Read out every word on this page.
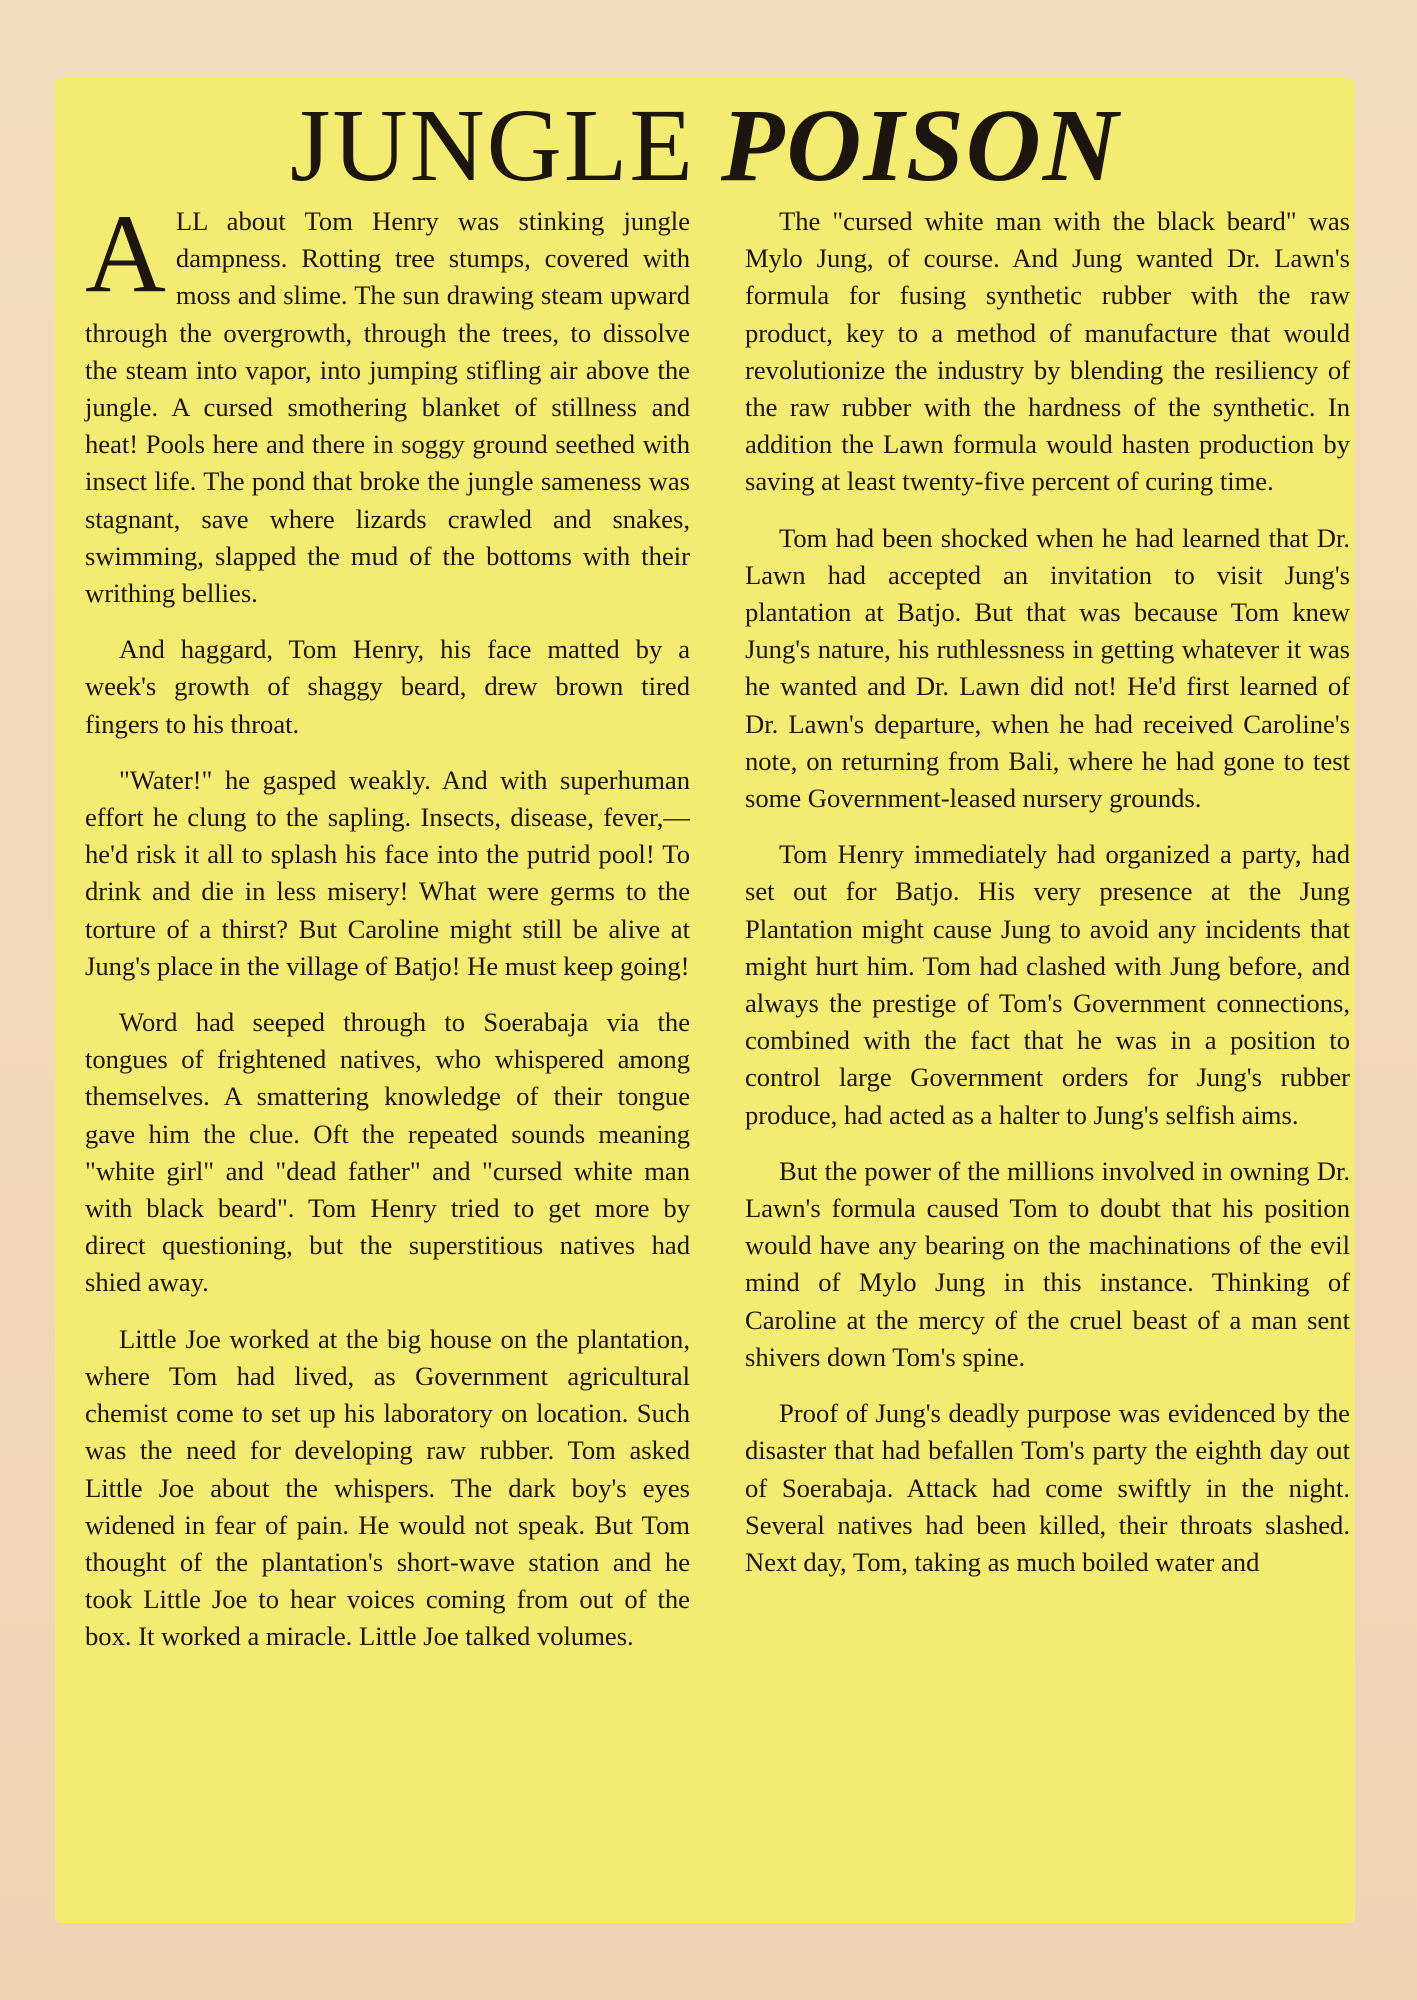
JUNGLE POISON

ALL about Tom Henry was stinking jungle dampness. Rotting tree stumps, covered with moss and slime. The sun drawing steam upward through the overgrowth, through the trees, to dissolve the steam into vapor, into jumping stifling air above the jungle. A cursed smothering blanket of stillness and heat! Pools here and there in soggy ground seethed with insect life. The pond that broke the jungle sameness was stagnant, save where lizards crawled and snakes, swimming, slapped the mud of the bottoms with their writhing bellies.

And haggard, Tom Henry, his face matted by a week's growth of shaggy beard, drew brown tired fingers to his throat.

"Water!" he gasped weakly. And with superhuman effort he clung to the sapling. Insects, disease, fever,—he'd risk it all to splash his face into the putrid pool! To drink and die in less misery! What were germs to the torture of a thirst? But Caroline might still be alive at Jung's place in the village of Batjo! He must keep going!

Word had seeped through to Soerabaja via the tongues of frightened natives, who whispered among themselves. A smattering knowledge of their tongue gave him the clue. Oft the repeated sounds meaning "white girl" and "dead father" and "cursed white man with black beard". Tom Henry tried to get more by direct questioning, but the superstitious natives had shied away.

Little Joe worked at the big house on the plantation, where Tom had lived, as Government agricultural chemist come to set up his laboratory on location. Such was the need for developing raw rubber. Tom asked Little Joe about the whispers. The dark boy's eyes widened in fear of pain. He would not speak. But Tom thought of the plantation's short-wave station and he took Little Joe to hear voices coming from out of the box. It worked a miracle. Little Joe talked volumes.

The "cursed white man with the black beard" was Mylo Jung, of course. And Jung wanted Dr. Lawn's formula for fusing synthetic rubber with the raw product, key to a method of manufacture that would revolutionize the industry by blending the resiliency of the raw rubber with the hardness of the synthetic. In addition the Lawn formula would hasten production by saving at least twenty-five percent of curing time.

Tom had been shocked when he had learned that Dr. Lawn had accepted an invitation to visit Jung's plantation at Batjo. But that was because Tom knew Jung's nature, his ruthlessness in getting whatever it was he wanted and Dr. Lawn did not! He'd first learned of Dr. Lawn's departure, when he had received Caroline's note, on returning from Bali, where he had gone to test some Government-leased nursery grounds.

Tom Henry immediately had organized a party, had set out for Batjo. His very presence at the Jung Plantation might cause Jung to avoid any incidents that might hurt him. Tom had clashed with Jung before, and always the prestige of Tom's Government connections, combined with the fact that he was in a position to control large Government orders for Jung's rubber produce, had acted as a halter to Jung's selfish aims.

But the power of the millions involved in owning Dr. Lawn's formula caused Tom to doubt that his position would have any bearing on the machinations of the evil mind of Mylo Jung in this instance. Thinking of Caroline at the mercy of the cruel beast of a man sent shivers down Tom's spine.

Proof of Jung's deadly purpose was evidenced by the disaster that had befallen Tom's party the eighth day out of Soerabaja. Attack had come swiftly in the night. Several natives had been killed, their throats slashed. Next day, Tom, taking as much boiled water and
